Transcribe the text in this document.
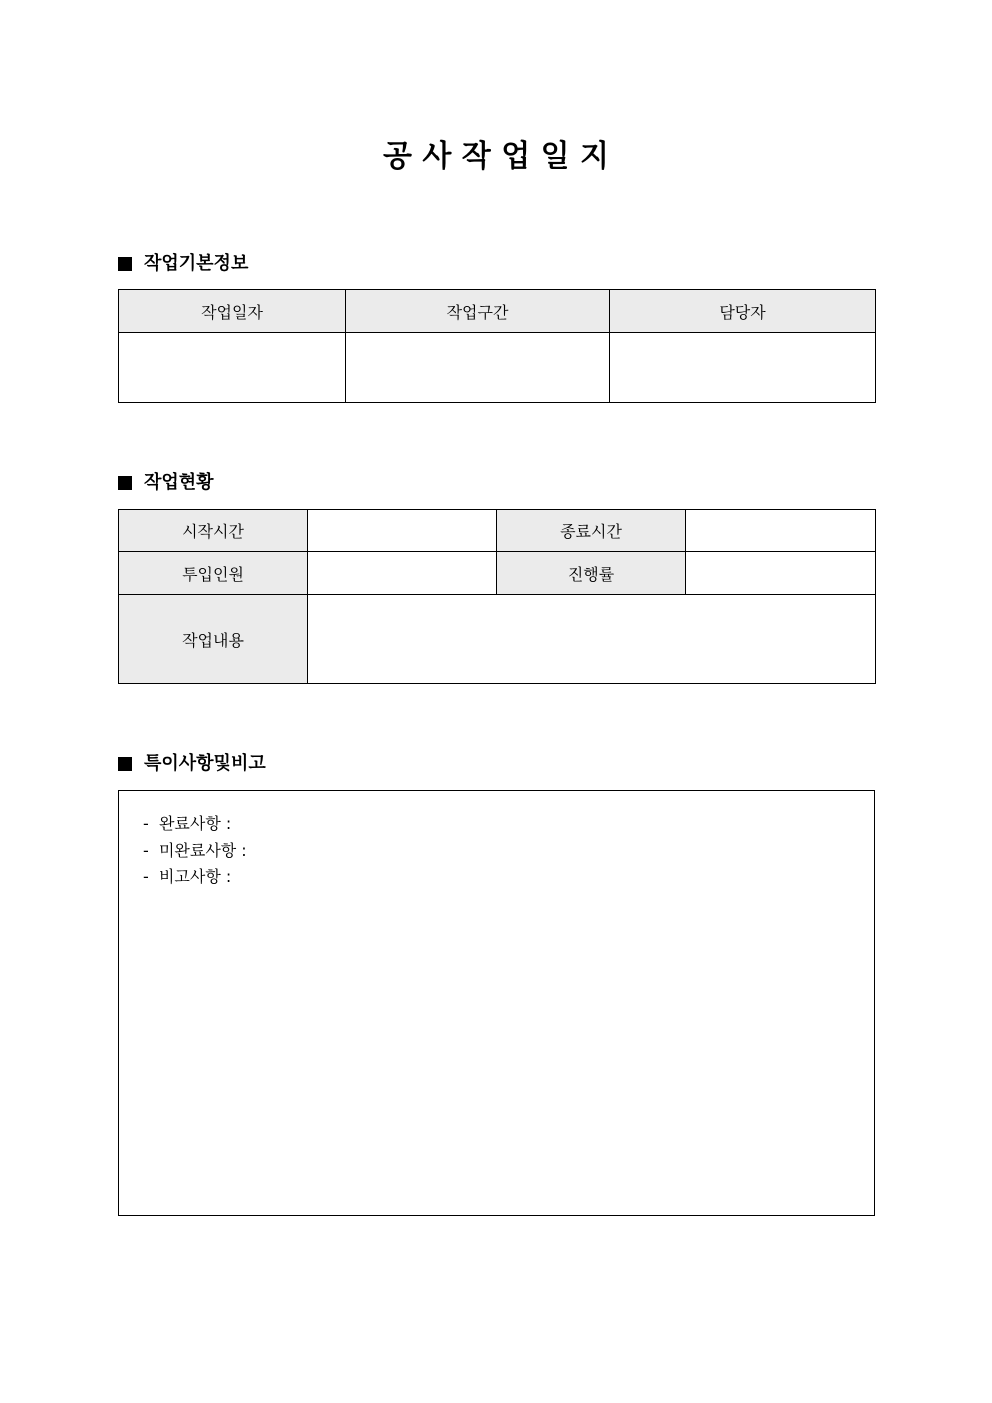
공 사 작 업 일 지
작업기본정보
작업일자	작업구간	담당자

작업현황
시작시간		종료시간	
투입인원		진행률	
작업내용			
특이사항및비고
-  완료사항 :
-  미완료사항 :
-  비고사항 :
